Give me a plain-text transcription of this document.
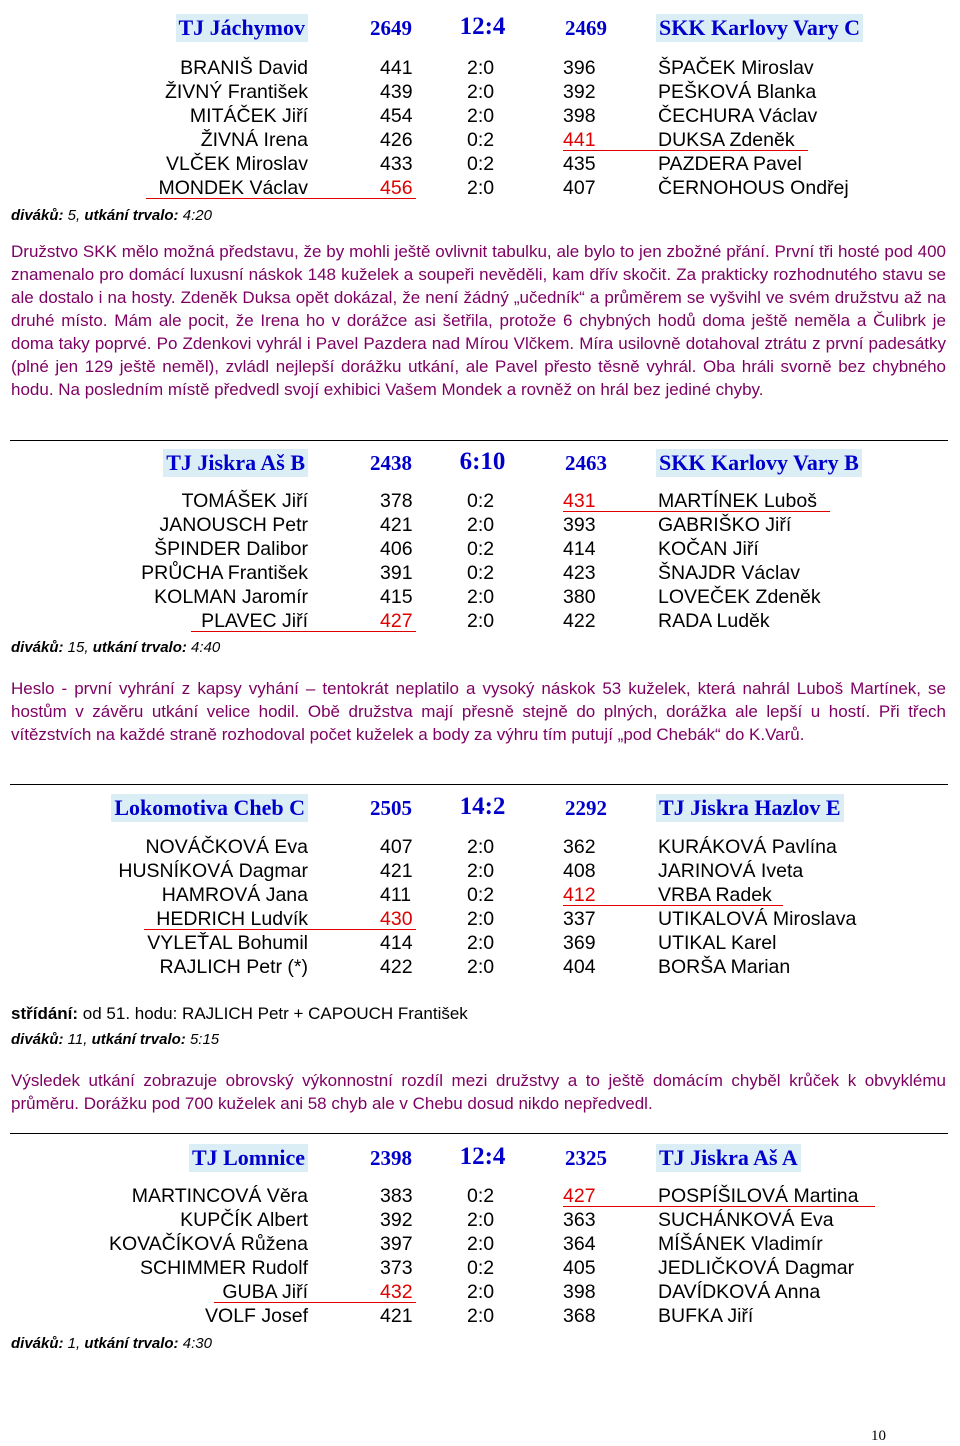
TJ Jáchymov	2649	12:4	2469 SKK Karlovy Vary C
BRANIŠ David	441	2:0	396	ŠPAČEK Miroslav
ŽIVNÝ František	439	2:0	392	PEŠKOVÁ Blanka
MITÁČEK Jiří	454	2:0	398	ČECHURA Václav
ŽIVNÁ Irena	426	0:2	441	DUKSA Zdeněk
VLČEK Miroslav	433	0:2	435	PAZDERA Pavel
MONDEK Václav	456	2:0	407	ČERNOHOUS Ondřej
diváků: 5, utkání trvalo: 4:20

Družstvo SKK mělo možná představu, že by mohli ještě ovlivnit tabulku, ale bylo to jen zbožné přání. První tři hosté pod 400 znamenalo pro domácí luxusní náskok 148 kuželek a soupeři nevěděli, kam dřív skočit. Za prakticky rozhodnutého stavu se ale dostalo i na hosty. Zdeněk Duksa opět dokázal, že není žádný „učedník“ a průměrem se vyšvihl ve svém družstvu až na druhé místo. Mám ale pocit, že Irena ho v dorážce asi šetřila, protože 6 chybných hodů doma ještě neměla a Čulibrk je doma taky poprvé. Po Zdenkovi vyhrál i Pavel Pazdera nad Mírou Vlčkem. Míra usilovně dotahoval ztrátu z první padesátky (plné jen 129 ještě neměl), zvládl nejlepší dorážku utkání, ale Pavel přesto těsně vyhrál. Oba hráli svorně bez chybného hodu. Na posledním místě předvedl svojí exhibici Vašem Mondek a rovněž on hrál bez jediné chyby.

TJ Jiskra Aš B	2438	6:10	2463 SKK Karlovy Vary B
TOMÁŠEK Jiří	378	0:2	431	MARTÍNEK Luboš
JANOUSCH Petr	421	2:0	393	GABRIŠKO Jiří
ŠPINDER Dalibor	406	0:2	414	KOČAN Jiří
PRŮCHA František	391	0:2	423	ŠNAJDR Václav
KOLMAN Jaromír	415	2:0	380	LOVEČEK Zdeněk
PLAVEC Jiří	427	2:0	422	RADA Luděk
diváků: 15, utkání trvalo: 4:40

Heslo - první vyhrání z kapsy vyhání – tentokrát neplatilo a vysoký náskok 53 kuželek, která nahrál Luboš Martínek, se hostům v závěru utkání velice hodil. Obě družstva mají přesně stejně do plných, dorážka ale lepší u hostí. Při třech vítězstvích na každé straně rozhodoval počet kuželek a body za výhru tím putují „pod Chebák“ do K.Varů.

Lokomotiva Cheb C	2505	14:2	2292 TJ Jiskra Hazlov E
NOVÁČKOVÁ Eva	407	2:0	362	KURÁKOVÁ Pavlína
HUSNÍKOVÁ Dagmar	421	2:0	408	JARINOVÁ Iveta
HAMROVÁ Jana	411	0:2	412	VRBA Radek
HEDRICH Ludvík	430	2:0	337	UTIKALOVÁ Miroslava
VYLEŤAL Bohumil	414	2:0	369	UTIKAL Karel
RAJLICH Petr (*)	422	2:0	404	BORŠA Marian
střídání: od 51. hodu: RAJLICH Petr + CAPOUCH František
diváků: 11, utkání trvalo: 5:15

Výsledek utkání zobrazuje obrovský výkonnostní rozdíl mezi družstvy a to ještě domácím chyběl krůček k obvyklému průměru. Dorážku pod 700 kuželek ani 58 chyb ale v Chebu dosud nikdo nepředvedl.

TJ Lomnice	2398	12:4	2325 TJ Jiskra Aš A
MARTINCOVÁ Věra	383	0:2	427	POSPÍŠILOVÁ Martina
KUPČÍK Albert	392	2:0	363	SUCHÁNKOVÁ Eva
KOVAČÍKOVÁ Růžena	397	2:0	364	MÍŠÁNEK Vladimír
SCHIMMER Rudolf	373	0:2	405	JEDLIČKOVÁ Dagmar
GUBA Jiří	432	2:0	398	DAVÍDKOVÁ Anna
VOLF Josef	421	2:0	368	BUFKA Jiří
diváků: 1, utkání trvalo: 4:30
10
